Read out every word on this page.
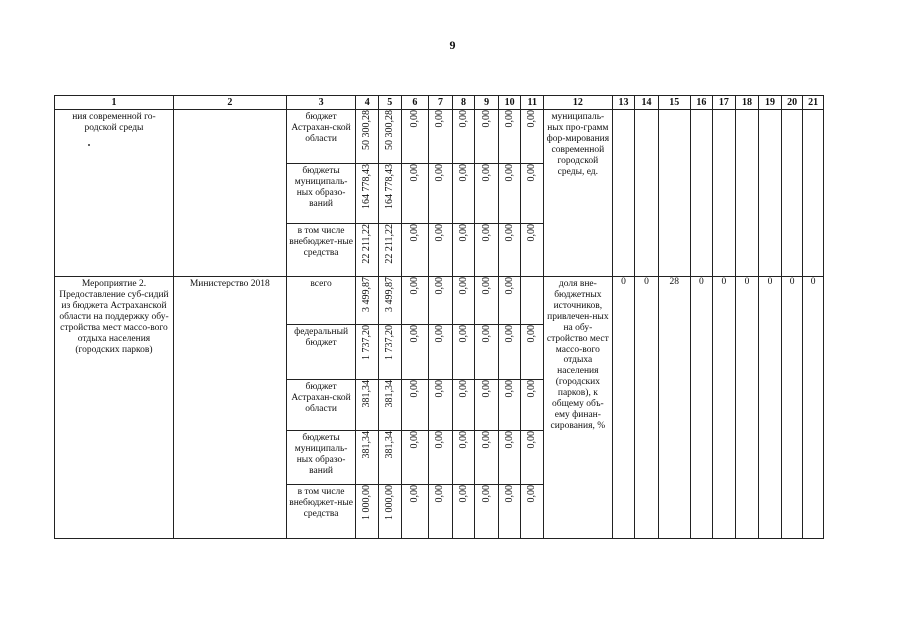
9
1	2	3	4	5	6	7	8	9	10	11	12	13	14	15	16	17	18	19	20	21

ния современной го-родской среды		бюджет Астрахан-ской области	50 300,28	50 300,28	0,00	0,00	0,00	0,00	0,00	0,00	муниципаль-ных про-грамм фор-мирования современной городской среды, ед.									

		бюджеты муниципаль-ных образо-ваний	164 778,43	164 778,43	0,00	0,00	0,00	0,00	0,00	0,00										

		в том числе внебюджет-ные средства	22 211,22	22 211,22	0,00	0,00	0,00	0,00	0,00	0,00										

Мероприятие 2. Предоставление суб-сидий из бюджета Астраханской области на поддержку обу-стройства мест массо-вого отдыха населения (городских парков)	Министерство 2018	всего	3 499,87	3 499,87	0,00	0,00	0,00	0,00	0,00		доля вне-бюджетных источников, привлечен-ных на обу-стройство мест массо-вого отдыха населения (городских парков), к общему объ-ему финан-сирования, %	0	0	28	0	0	0	0	0	0

		федеральный бюджет	1 737,20	1 737,20	0,00	0,00	0,00	0,00	0,00	0,00										

		бюджет Астрахан-ской области	381,34	381,34	0,00	0,00	0,00	0,00	0,00	0,00										

		бюджеты муниципаль-ных образо-ваний	381,34	381,34	0,00	0,00	0,00	0,00	0,00	0,00										

		в том числе внебюджет-ные средства	1 000,00	1 000,00	0,00	0,00	0,00	0,00	0,00	0,00										
